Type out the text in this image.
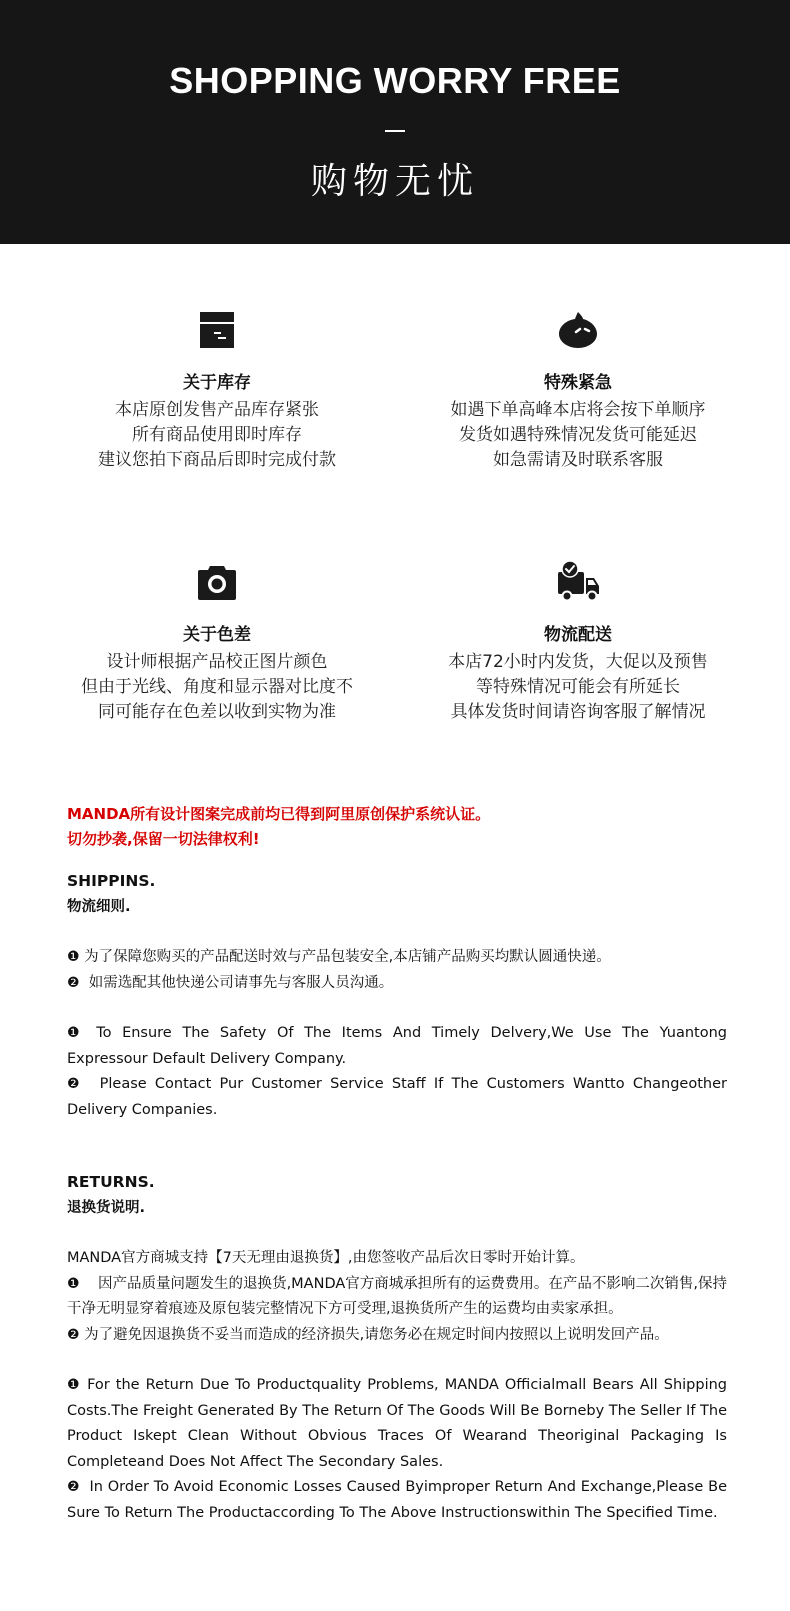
SHOPPING WORRY FREE
购物无忧
关于库存
本店原创发售产品库存紧张
所有商品使用即时库存
建议您拍下商品后即时完成付款
特殊紧急
如遇下单高峰本店将会按下单顺序
发货如遇特殊情况发货可能延迟
如急需请及时联系客服
关于色差
设计师根据产品校正图片颜色
但由于光线、角度和显示器对比度不
同可能存在色差以收到实物为准
物流配送
本店72小时内发货，大促以及预售
等特殊情况可能会有所延长
具体发货时间请咨询客服了解情况
MANDA所有设计图案完成前均已得到阿里原创保护系统认证。
切勿抄袭,保留一切法律权利!
SHIPPINS.
物流细则.
❶ 为了保障您购买的产品配送时效与产品包装安全,本店铺产品购买均默认圆通快递。
❷ 如需选配其他快递公司请事先与客服人员沟通。
❶ To Ensure The Safety Of The Items And Timely Delvery,We Use The Yuantong Expressour Default Delivery Company.
❷ Please Contact Pur Customer Service Staff If The Customers Wantto Changeother Delivery Companies.
RETURNS.
退换货说明.
MANDA官方商城支持【7天无理由退换货】,由您签收产品后次日零时开始计算。
❶ 因产品质量问题发生的退换货,MANDA官方商城承担所有的运费费用。在产品不影响二次销售,保持干净无明显穿着痕迹及原包装完整情况下方可受理,退换货所产生的运费均由卖家承担。
❷ 为了避免因退换货不妥当而造成的经济损失,请您务必在规定时间内按照以上说明发回产品。
❶ For the Return Due To Productquality Problems, MANDA Officialmall Bears All Shipping Costs.The Freight Generated By The Return Of The Goods Will Be Borneby The Seller If The Product Iskept Clean Without Obvious Traces Of Wearand Theoriginal Packaging Is Completeand Does Not Affect The Secondary Sales.
❷ In Order To Avoid Economic Losses Caused Byimproper Return And Exchange,Please Be Sure To Return The Productaccording To The Above Instructionswithin The Specified Time.
